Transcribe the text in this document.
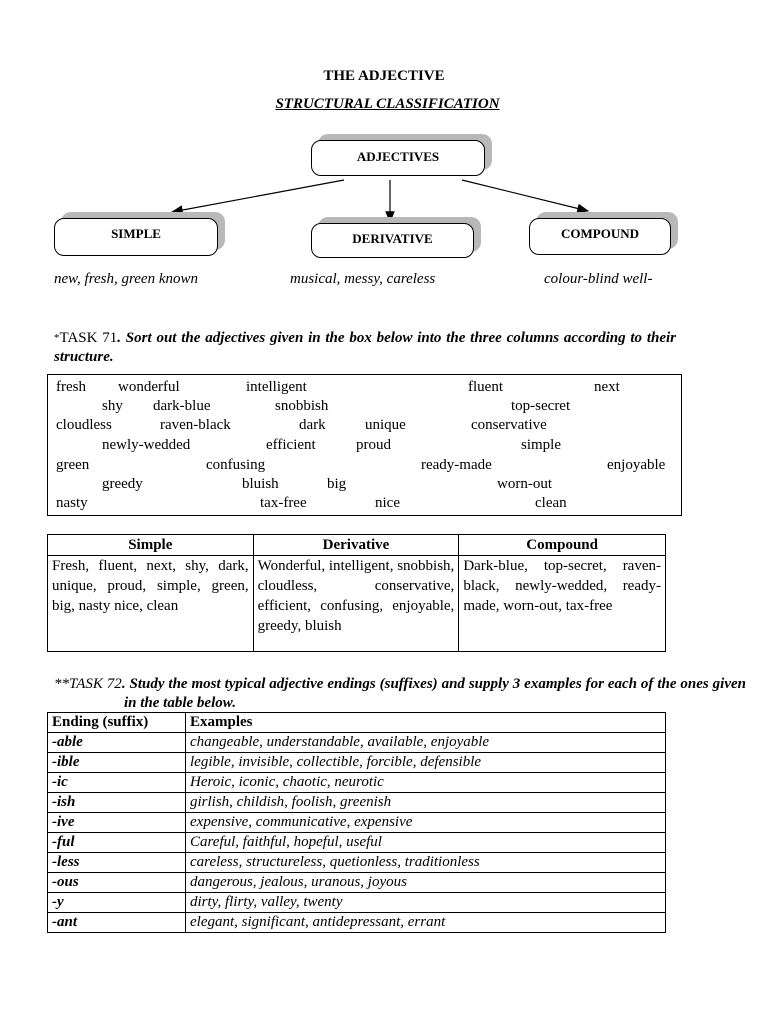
THE ADJECTIVE
STRUCTURAL CLASSIFICATION
ADJECTIVES
SIMPLE	DERIVATIVE	COMPOUND
new, fresh, green known	musical, messy, careless	colour-blind well-
*TASK 71. Sort out the adjectives given in the box below into the three columns according to their structure.
fresh wonderful	intelligent	fluent	next
shy dark-blue	snobbish	top-secret
cloudless	raven-black	dark	unique	conservative
newly-wedded	efficient	proud	simple
green	confusing	ready-made	enjoyable
greedy	bluish	big	worn-out
nasty	tax-free	nice	clean
Simple	Derivative	Compound
Fresh, fluent, next, shy, dark, unique, proud, simple, green, big, nasty nice, clean	Wonderful, intelligent, snobbish, cloudless, conservative, efficient, confusing, enjoyable, greedy, bluish	Dark-blue, top-secret, raven-black, newly-wedded, ready-made, worn-out, tax-free
**TASK 72. Study the most typical adjective endings (suffixes) and supply 3 examples for each of the ones given in the table below.
Ending (suffix)	Examples
-able	changeable, understandable, available, enjoyable
-ible	legible, invisible, collectible, forcible, defensible
-ic	Heroic, iconic, chaotic, neurotic
-ish	girlish, childish, foolish, greenish
-ive	expensive, communicative, expensive
-ful	Careful, faithful, hopeful, useful
-less	careless, structureless, quetionless, traditionless
-ous	dangerous, jealous, uranous, joyous
-y	dirty, flirty, valley, twenty
-ant	elegant, significant, antidepressant, errant
